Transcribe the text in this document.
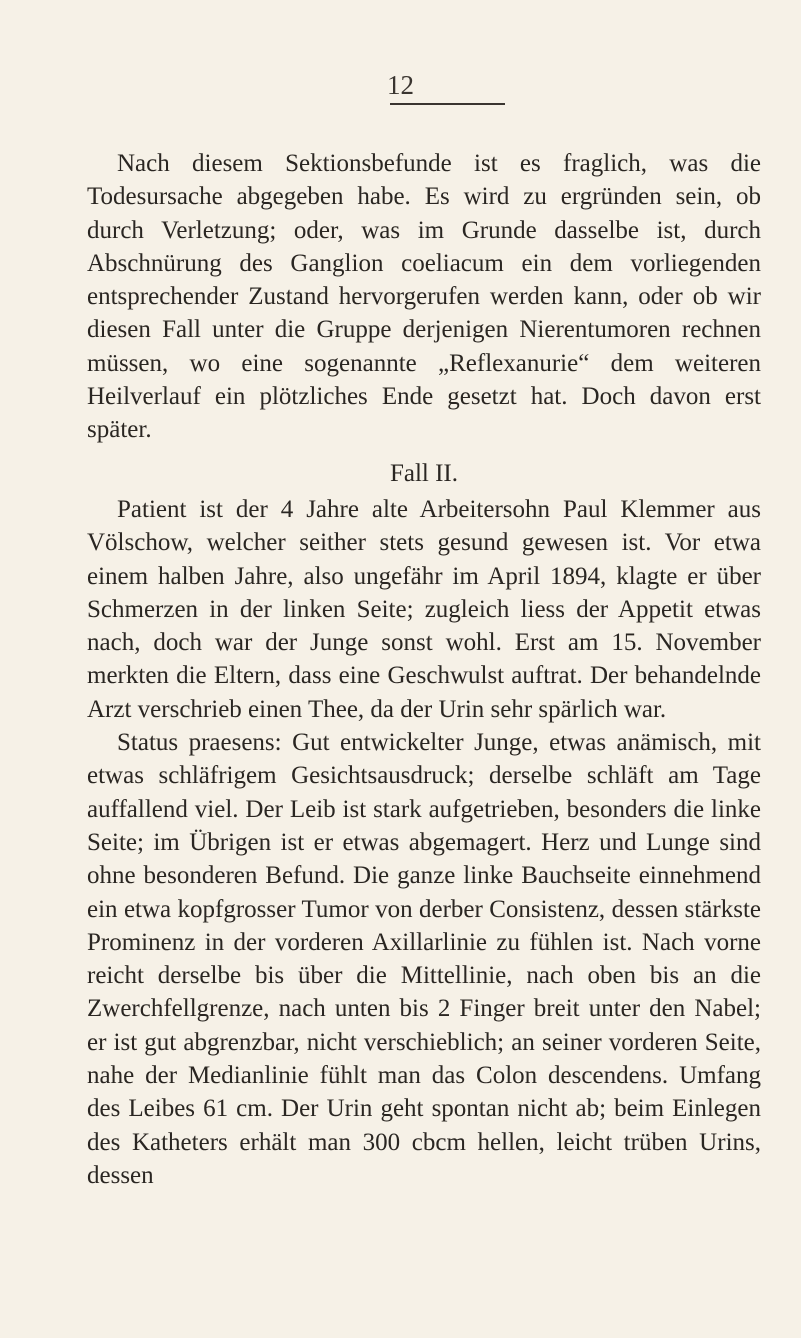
12

Nach diesem Sektionsbefunde ist es fraglich, was die Todesursache abgegeben habe. Es wird zu ergründen sein, ob durch Verletzung; oder, was im Grunde dasselbe ist, durch Abschnürung des Ganglion coeliacum ein dem vorliegenden entsprechender Zustand hervorgerufen werden kann, oder ob wir diesen Fall unter die Gruppe derjenigen Nierentumoren rechnen müssen, wo eine sogenannte „Reflexanurie“ dem weiteren Heilverlauf ein plötzliches Ende gesetzt hat. Doch davon erst später.

Fall II.

Patient ist der 4 Jahre alte Arbeitersohn Paul Klemmer aus Völschow, welcher seither stets gesund gewesen ist. Vor etwa einem halben Jahre, also ungefähr im April 1894, klagte er über Schmerzen in der linken Seite; zugleich liess der Appetit etwas nach, doch war der Junge sonst wohl. Erst am 15. November merkten die Eltern, dass eine Geschwulst auftrat. Der behandelnde Arzt verschrieb einen Thee, da der Urin sehr spärlich war.

Status praesens: Gut entwickelter Junge, etwas anämisch, mit etwas schläfrigem Gesichtsausdruck; derselbe schläft am Tage auffallend viel. Der Leib ist stark aufgetrieben, besonders die linke Seite; im Übrigen ist er etwas abgemagert. Herz und Lunge sind ohne besonderen Befund. Die ganze linke Bauchseite einnehmend ein etwa kopfgrosser Tumor von derber Consistenz, dessen stärkste Prominenz in der vorderen Axillarlinie zu fühlen ist. Nach vorne reicht derselbe bis über die Mittellinie, nach oben bis an die Zwerchfellgrenze, nach unten bis 2 Finger breit unter den Nabel; er ist gut abgrenzbar, nicht verschieblich; an seiner vorderen Seite, nahe der Medianlinie fühlt man das Colon descendens. Umfang des Leibes 61 cm. Der Urin geht spontan nicht ab; beim Einlegen des Katheters erhält man 300 cbcm hellen, leicht trüben Urins, dessen
